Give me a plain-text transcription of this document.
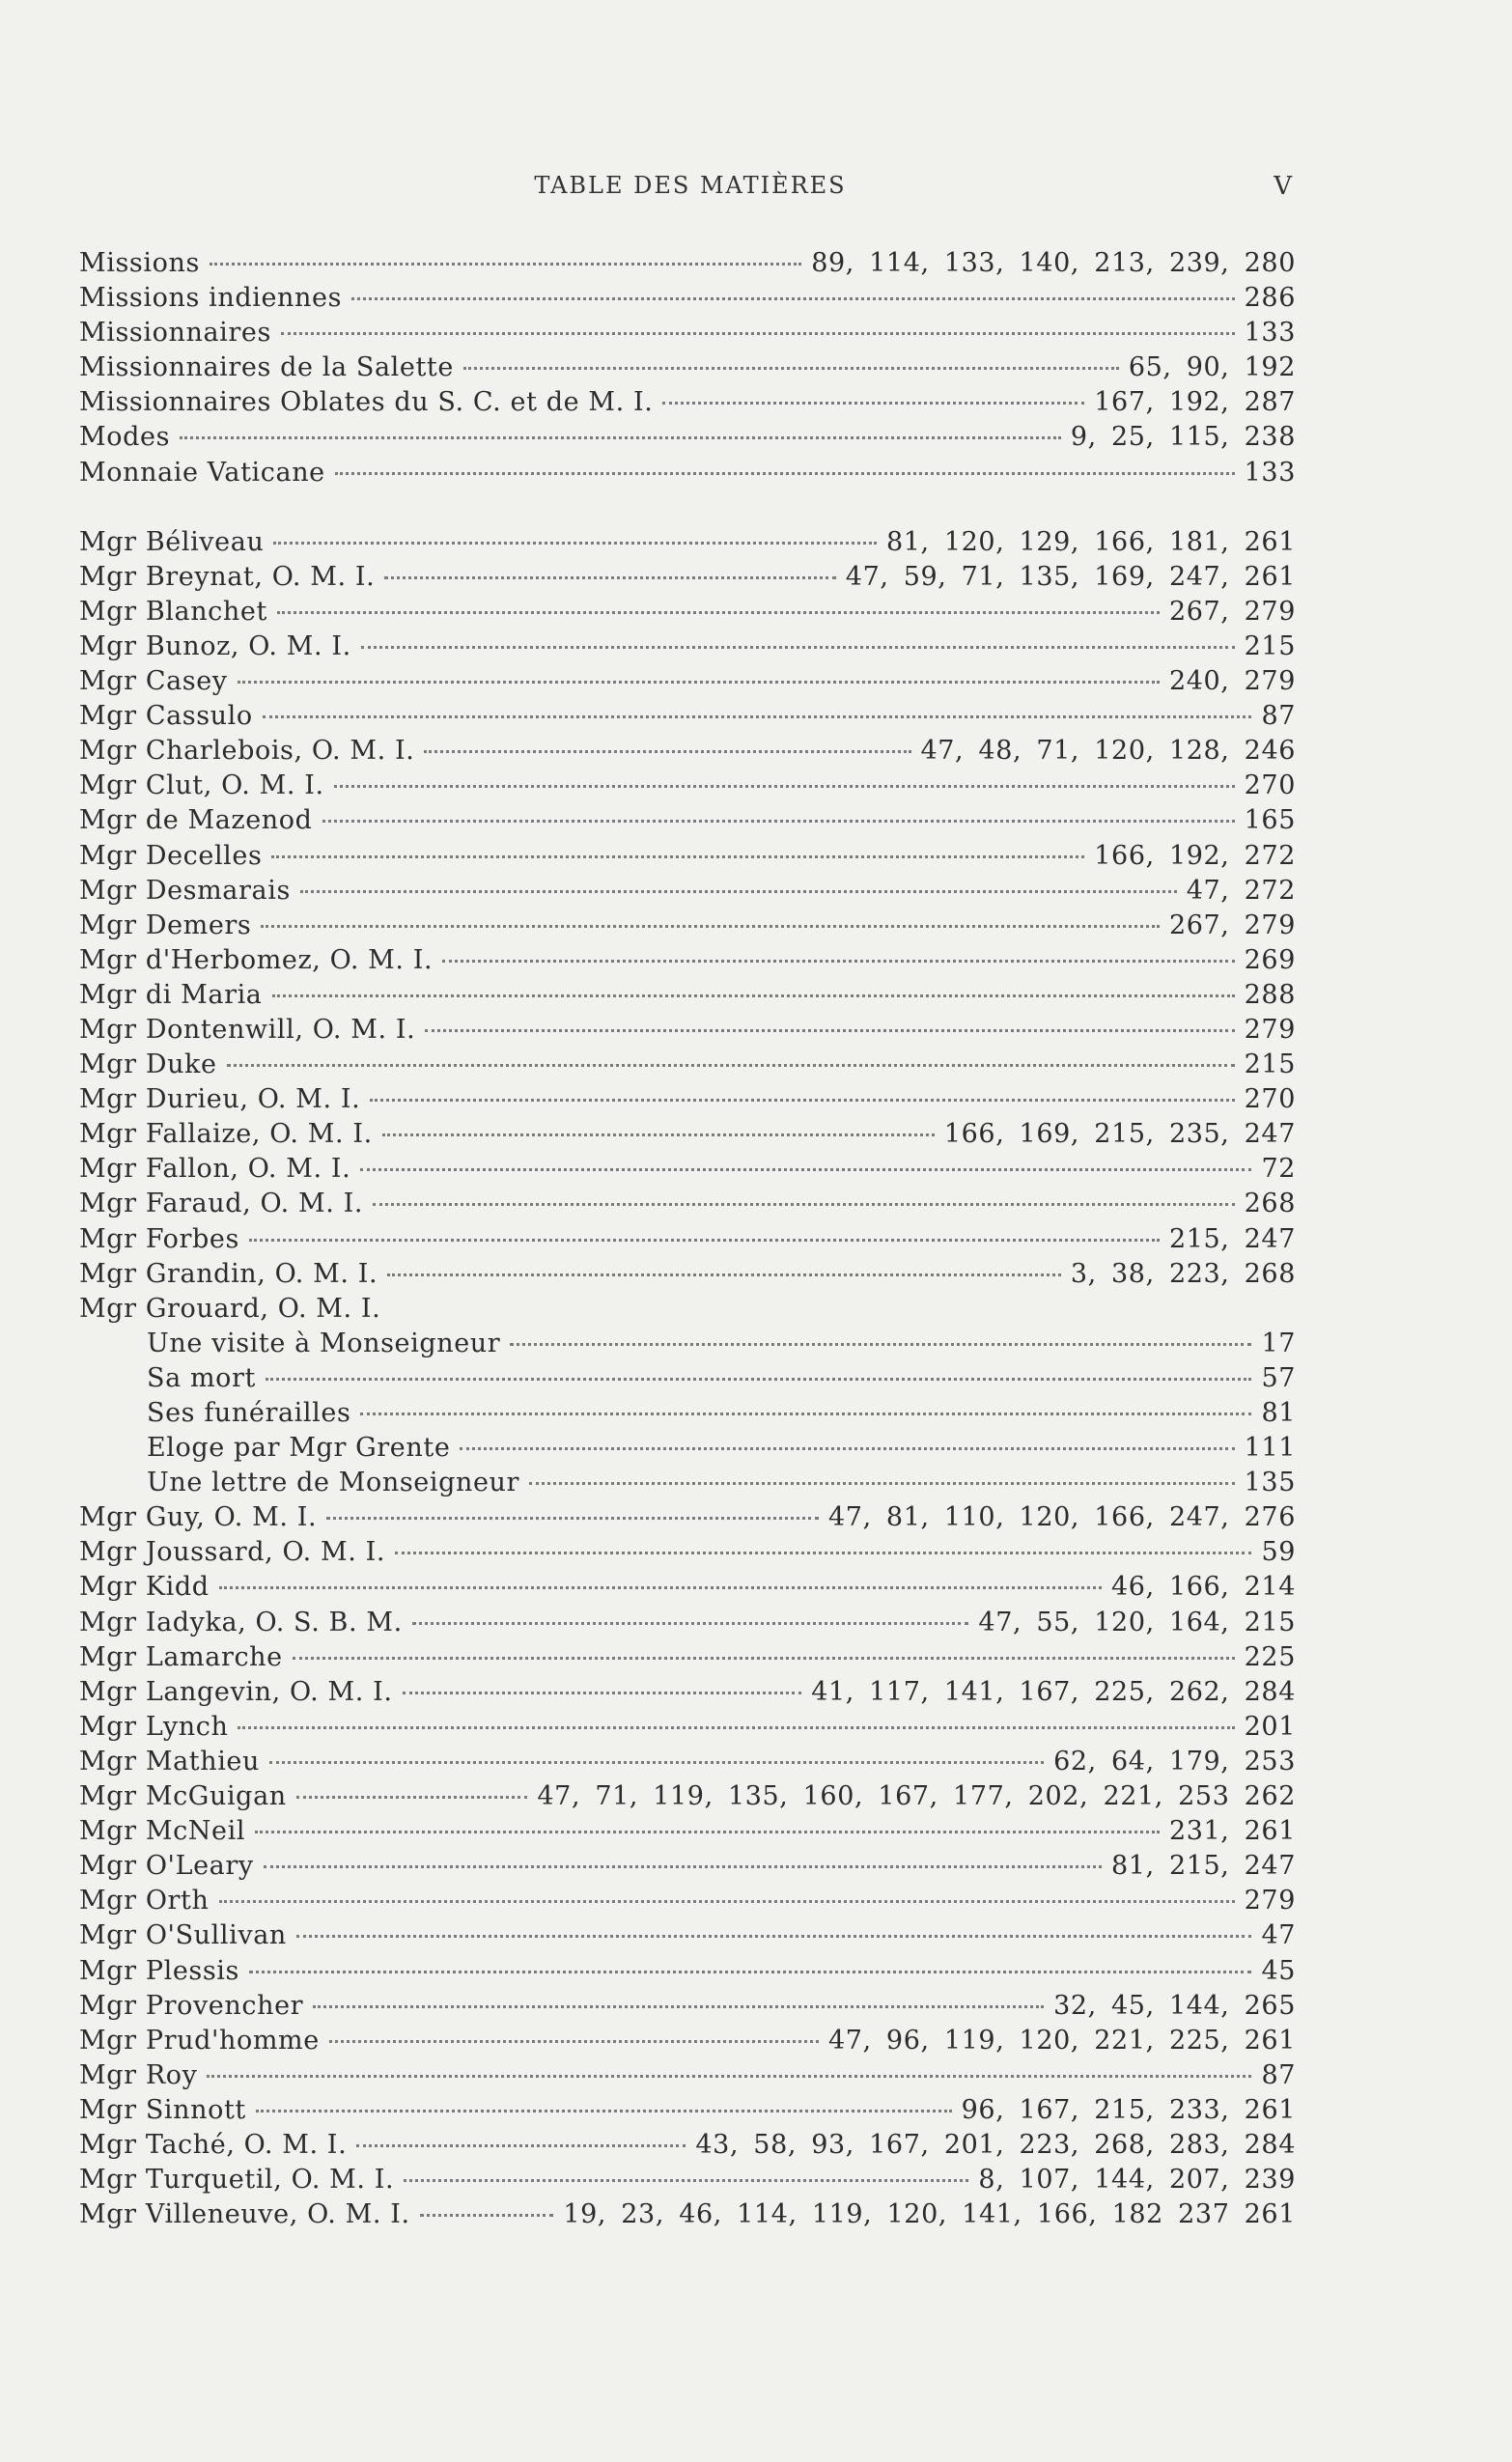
TABLE DES MATIÈRES	V
Missions	89, 114, 133, 140, 213, 239, 280
Missions indiennes	286
Missionnaires	133
Missionnaires de la Salette	65, 90, 192
Missionnaires Oblates du S. C. et de M. I.	167, 192, 287
Modes	9, 25, 115, 238
Monnaie Vaticane	133
Mgr Béliveau	81, 120, 129, 166, 181, 261
Mgr Breynat, O. M. I.	47, 59, 71, 135, 169, 247, 261
Mgr Blanchet	267, 279
Mgr Bunoz, O. M. I.	215
Mgr Casey	240, 279
Mgr Cassulo	87
Mgr Charlebois, O. M. I.	47, 48, 71, 120, 128, 246
Mgr Clut, O. M. I.	270
Mgr de Mazenod	165
Mgr Decelles	166, 192, 272
Mgr Desmarais	47, 272
Mgr Demers	267, 279
Mgr d'Herbomez, O. M. I.	269
Mgr di Maria	288
Mgr Dontenwill, O. M. I.	279
Mgr Duke	215
Mgr Durieu, O. M. I.	270
Mgr Fallaize, O. M. I.	166, 169, 215, 235, 247
Mgr Fallon, O. M. I.	72
Mgr Faraud, O. M. I.	268
Mgr Forbes	215, 247
Mgr Grandin, O. M. I.	3, 38, 223, 268
Mgr Grouard, O. M. I.
Une visite à Monseigneur	17
Sa mort	57
Ses funérailles	81
Eloge par Mgr Grente	111
Une lettre de Monseigneur	135
Mgr Guy, O. M. I.	47, 81, 110, 120, 166, 247, 276
Mgr Joussard, O. M. I.	59
Mgr Kidd	46, 166, 214
Mgr Iadyka, O. S. B. M.	47, 55, 120, 164, 215
Mgr Lamarche	225
Mgr Langevin, O. M. I.	41, 117, 141, 167, 225, 262, 284
Mgr Lynch	201
Mgr Mathieu	62, 64, 179, 253
Mgr McGuigan	47, 71, 119, 135, 160, 167, 177, 202, 221, 253 262
Mgr McNeil	231, 261
Mgr O'Leary	81, 215, 247
Mgr Orth	279
Mgr O'Sullivan	47
Mgr Plessis	45
Mgr Provencher	32, 45, 144, 265
Mgr Prud'homme	47, 96, 119, 120, 221, 225, 261
Mgr Roy	87
Mgr Sinnott	96, 167, 215, 233, 261
Mgr Taché, O. M. I.	43, 58, 93, 167, 201, 223, 268, 283, 284
Mgr Turquetil, O. M. I.	8, 107, 144, 207, 239
Mgr Villeneuve, O. M. I.	19, 23, 46, 114, 119, 120, 141, 166, 182 237 261
